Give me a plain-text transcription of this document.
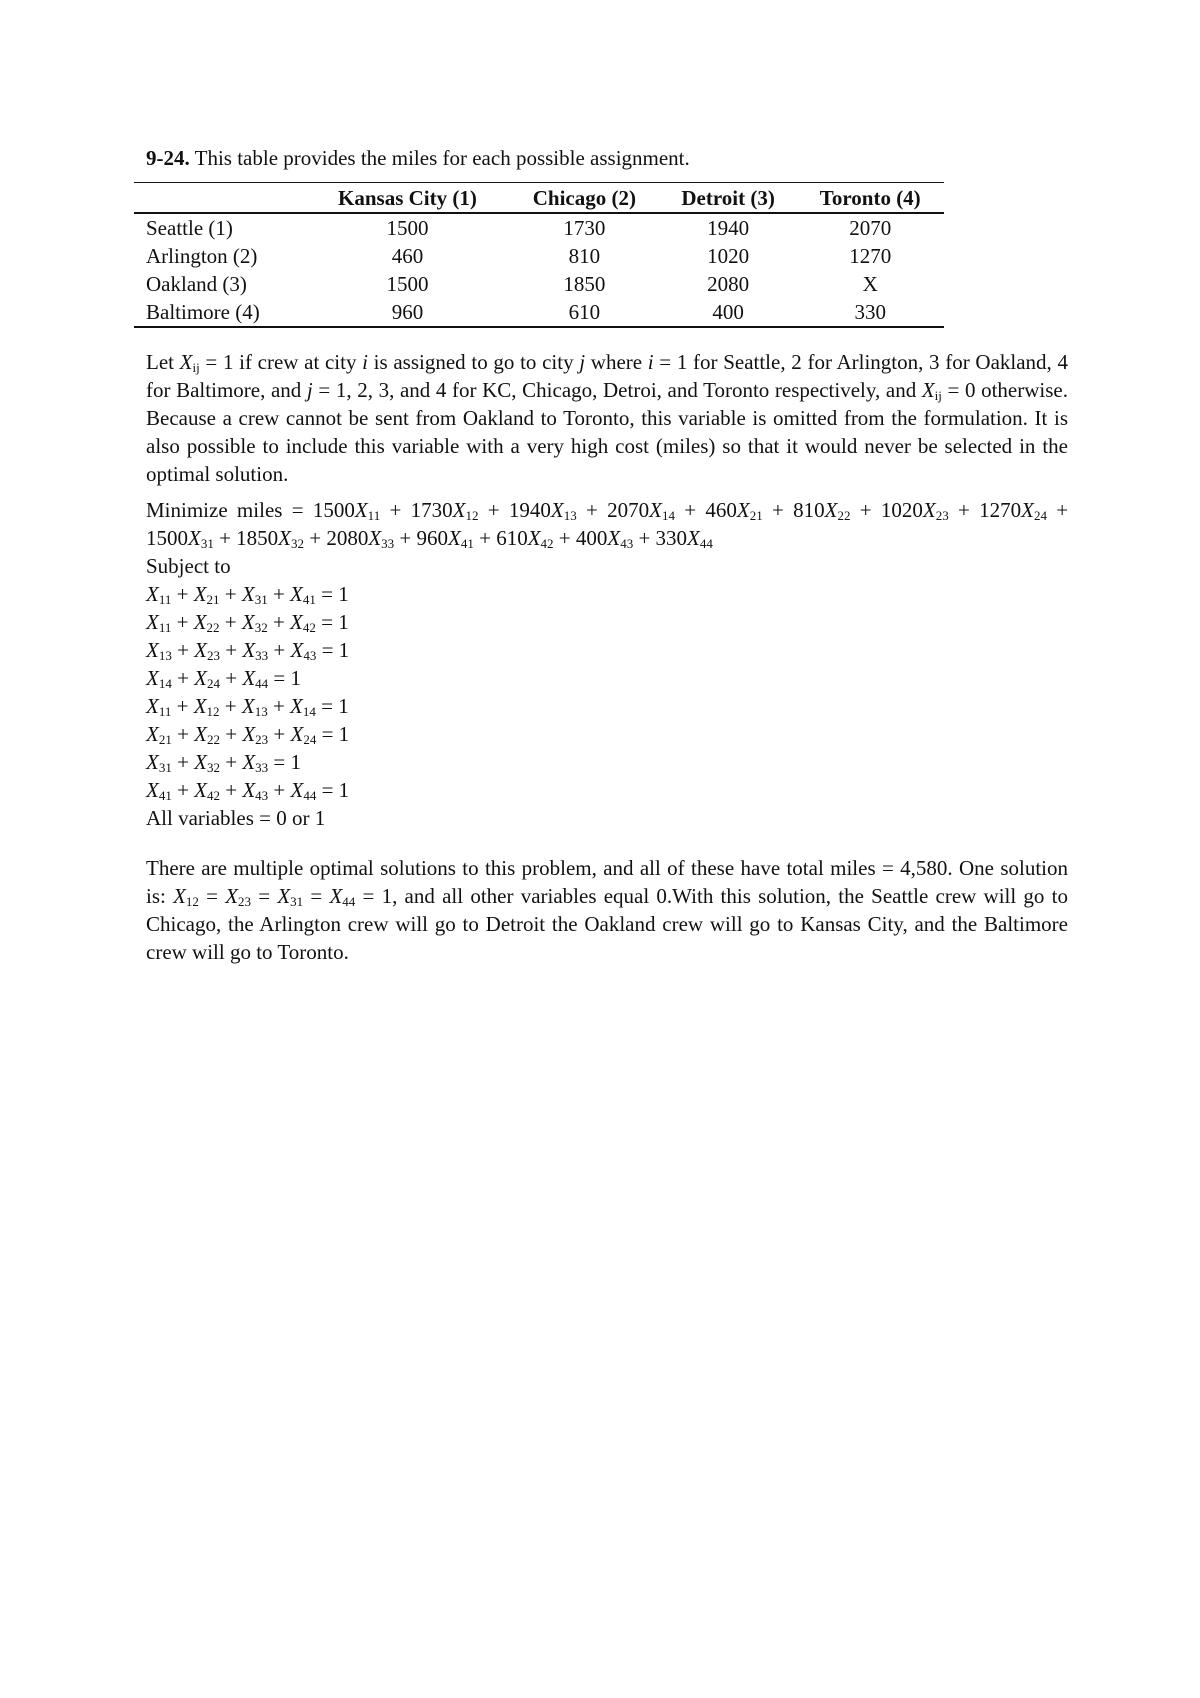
9-24. This table provides the miles for each possible assignment.

	Kansas City (1)	Chicago (2)	Detroit (3)	Toronto (4)
Seattle (1)	1500	1730	1940	2070
Arlington (2)	460	810	1020	1270
Oakland (3)	1500	1850	2080	X
Baltimore (4)	960	610	400	330

Let $X_{ij} = 1$ if crew at city i is assigned to go to city j where i = 1 for Seattle, 2 for Arlington, 3 for Oakland, 4 for Baltimore, and j = 1, 2, 3, and 4 for KC, Chicago, Detroi, and Toronto respectively, and $X_{ij} = 0$ otherwise. Because a crew cannot be sent from Oakland to Toronto, this variable is omitted from the formulation. It is also possible to include this variable with a very high cost (miles) so that it would never be selected in the optimal solution.

Minimize miles = $1500X_{11} + 1730X_{12} + 1940X_{13} + 2070X_{14} + 460X_{21} + 810X_{22} + 1020X_{23} + 1270X_{24} + 1500X_{31} + 1850X_{32} + 2080X_{33} + 960X_{41} + 610X_{42} + 400X_{43} + 330X_{44}$

Subject to
$X_{11} + X_{21} + X_{31} + X_{41} = 1$
$X_{11} + X_{22} + X_{32} + X_{42} = 1$
$X_{13} + X_{23} + X_{33} + X_{43} = 1$
$X_{14} + X_{24} + X_{44} = 1$
$X_{11} + X_{12} + X_{13} + X_{14} = 1$
$X_{21} + X_{22} + X_{23} + X_{24} = 1$
$X_{31} + X_{32} + X_{33} = 1$
$X_{41} + X_{42} + X_{43} + X_{44} = 1$
All variables = 0 or 1

There are multiple optimal solutions to this problem, and all of these have total miles = 4,580. One solution is: $X_{12} = X_{23} = X_{31} = X_{44} = 1$, and all other variables equal 0.With this solution, the Seattle crew will go to Chicago, the Arlington crew will go to Detroit the Oakland crew will go to Kansas City, and the Baltimore crew will go to Toronto.
